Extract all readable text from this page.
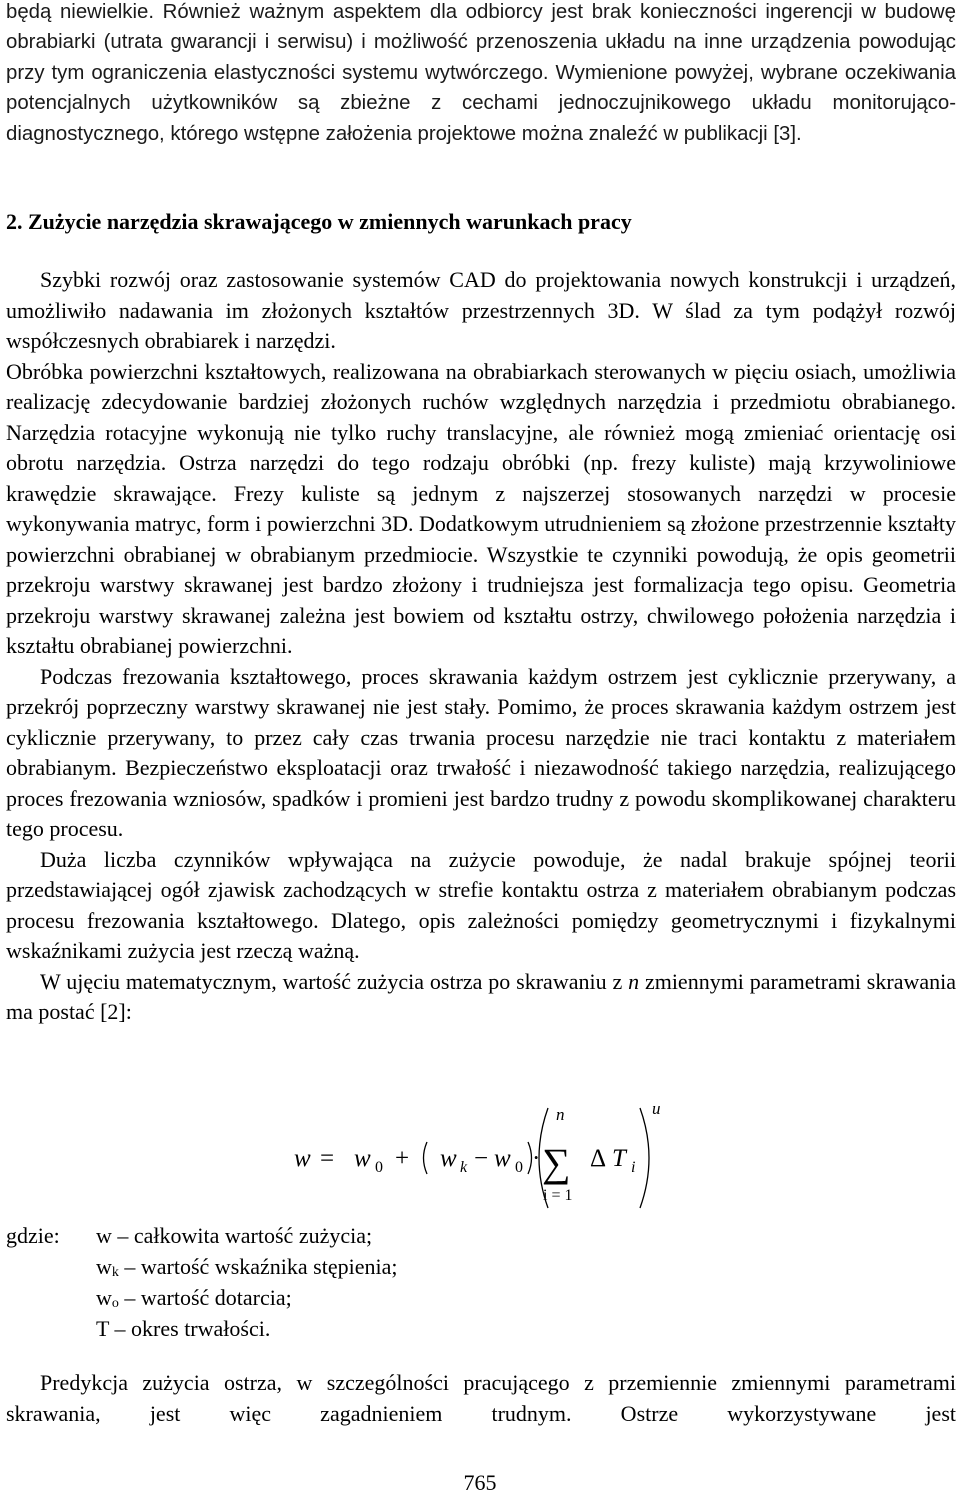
będą niewielkie. Również ważnym aspektem dla odbiorcy jest brak konieczności ingerencji w budowę obrabiarki (utrata gwarancji i serwisu) i możliwość przenoszenia układu na inne urządzenia powodując przy tym ograniczenia elastyczności systemu wytwórczego. Wymienione powyżej, wybrane oczekiwania potencjalnych użytkowników są zbieżne z cechami jednoczujnikowego układu monitorująco-diagnostycznego, którego wstępne założenia projektowe można znaleźć w publikacji [3].

2. Zużycie narzędzia skrawającego w zmiennych warunkach pracy

Szybki rozwój oraz zastosowanie systemów CAD do projektowania nowych konstrukcji i urządzeń, umożliwiło nadawania im złożonych kształtów przestrzennych 3D. W ślad za tym podążył rozwój współczesnych obrabiarek i narzędzi.

Obróbka powierzchni kształtowych, realizowana na obrabiarkach sterowanych w pięciu osiach, umożliwia realizację zdecydowanie bardziej złożonych ruchów względnych narzędzia i przedmiotu obrabianego. Narzędzia rotacyjne wykonują nie tylko ruchy translacyjne, ale również mogą zmieniać orientację osi obrotu narzędzia. Ostrza narzędzi do tego rodzaju obróbki (np. frezy kuliste) mają krzywoliniowe krawędzie skrawające. Frezy kuliste są jednym z najszerzej stosowanych narzędzi w procesie wykonywania matryc, form i powierzchni 3D. Dodatkowym utrudnieniem są złożone przestrzennie kształty powierzchni obrabianej w obrabianym przedmiocie. Wszystkie te czynniki powodują, że opis geometrii przekroju warstwy skrawanej jest bardzo złożony i trudniejsza jest formalizacja tego opisu. Geometria przekroju warstwy skrawanej zależna jest bowiem od kształtu ostrzy, chwilowego położenia narzędzia i kształtu obrabianej powierzchni.

Podczas frezowania kształtowego, proces skrawania każdym ostrzem jest cyklicznie przerywany, a przekrój poprzeczny warstwy skrawanej nie jest stały. Pomimo, że proces skrawania każdym ostrzem jest cyklicznie przerywany, to przez cały czas trwania procesu narzędzie nie traci kontaktu z materiałem obrabianym. Bezpieczeństwo eksploatacji oraz trwałość i niezawodność takiego narzędzia, realizującego proces frezowania wzniosów, spadków i promieni jest bardzo trudny z powodu skomplikowanej charakteru tego procesu.

Duża liczba czynników wpływająca na zużycie powoduje, że nadal brakuje spójnej teorii przedstawiającej ogół zjawisk zachodzących w strefie kontaktu ostrza z materiałem obrabianym podczas procesu frezowania kształtowego. Dlatego, opis zależności pomiędzy geometrycznymi i fizykalnymi wskaźnikami zużycia jest rzeczą ważną.

W ujęciu matematycznym, wartość zużycia ostrza po skrawaniu z n zmiennymi parametrami skrawania ma postać [2]:

w w	w w	T
n	u
k	i
0	0
i = 1
= +	− · Δ
∑
gdzie: w – całkowita wartość zużycia;
$w_k$ – wartość wskaźnika stępienia;
$w_o$ – wartość dotarcia;
T – okres trwałości.

Predykcja zużycia ostrza, w szczególności pracującego z przemiennie zmiennymi parametrami skrawania, jest więc zagadnieniem trudnym. Ostrze wykorzystywane jest

765
